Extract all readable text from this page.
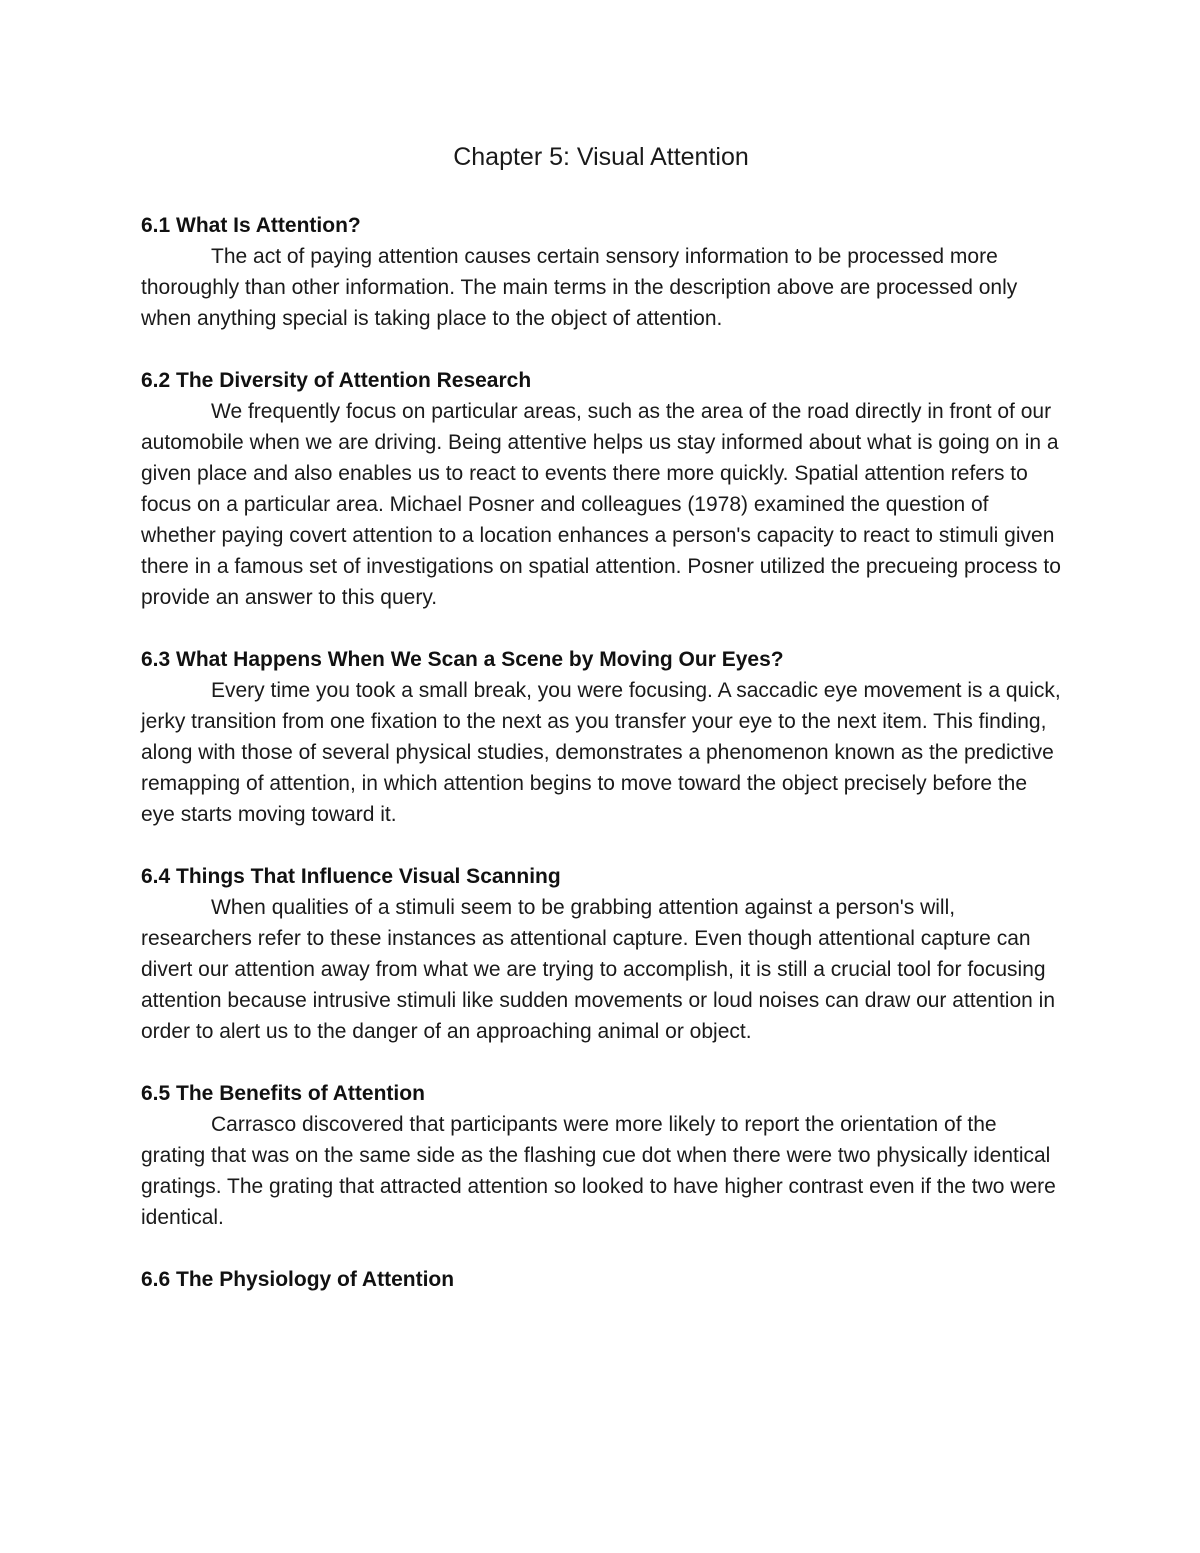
Chapter 5: Visual Attention

6.1 What Is Attention?

The act of paying attention causes certain sensory information to be processed more thoroughly than other information. The main terms in the description above are processed only when anything special is taking place to the object of attention.

6.2 The Diversity of Attention Research

We frequently focus on particular areas, such as the area of the road directly in front of our automobile when we are driving. Being attentive helps us stay informed about what is going on in a given place and also enables us to react to events there more quickly. Spatial attention refers to focus on a particular area. Michael Posner and colleagues (1978) examined the question of whether paying covert attention to a location enhances a person's capacity to react to stimuli given there in a famous set of investigations on spatial attention. Posner utilized the precueing process to provide an answer to this query.

6.3 What Happens When We Scan a Scene by Moving Our Eyes?

Every time you took a small break, you were focusing. A saccadic eye movement is a quick, jerky transition from one fixation to the next as you transfer your eye to the next item. This finding, along with those of several physical studies, demonstrates a phenomenon known as the predictive remapping of attention, in which attention begins to move toward the object precisely before the eye starts moving toward it.

6.4 Things That Influence Visual Scanning

When qualities of a stimuli seem to be grabbing attention against a person's will, researchers refer to these instances as attentional capture. Even though attentional capture can divert our attention away from what we are trying to accomplish, it is still a crucial tool for focusing attention because intrusive stimuli like sudden movements or loud noises can draw our attention in order to alert us to the danger of an approaching animal or object.

6.5 The Benefits of Attention

Carrasco discovered that participants were more likely to report the orientation of the grating that was on the same side as the flashing cue dot when there were two physically identical gratings. The grating that attracted attention so looked to have higher contrast even if the two were identical.

6.6 The Physiology of Attention
